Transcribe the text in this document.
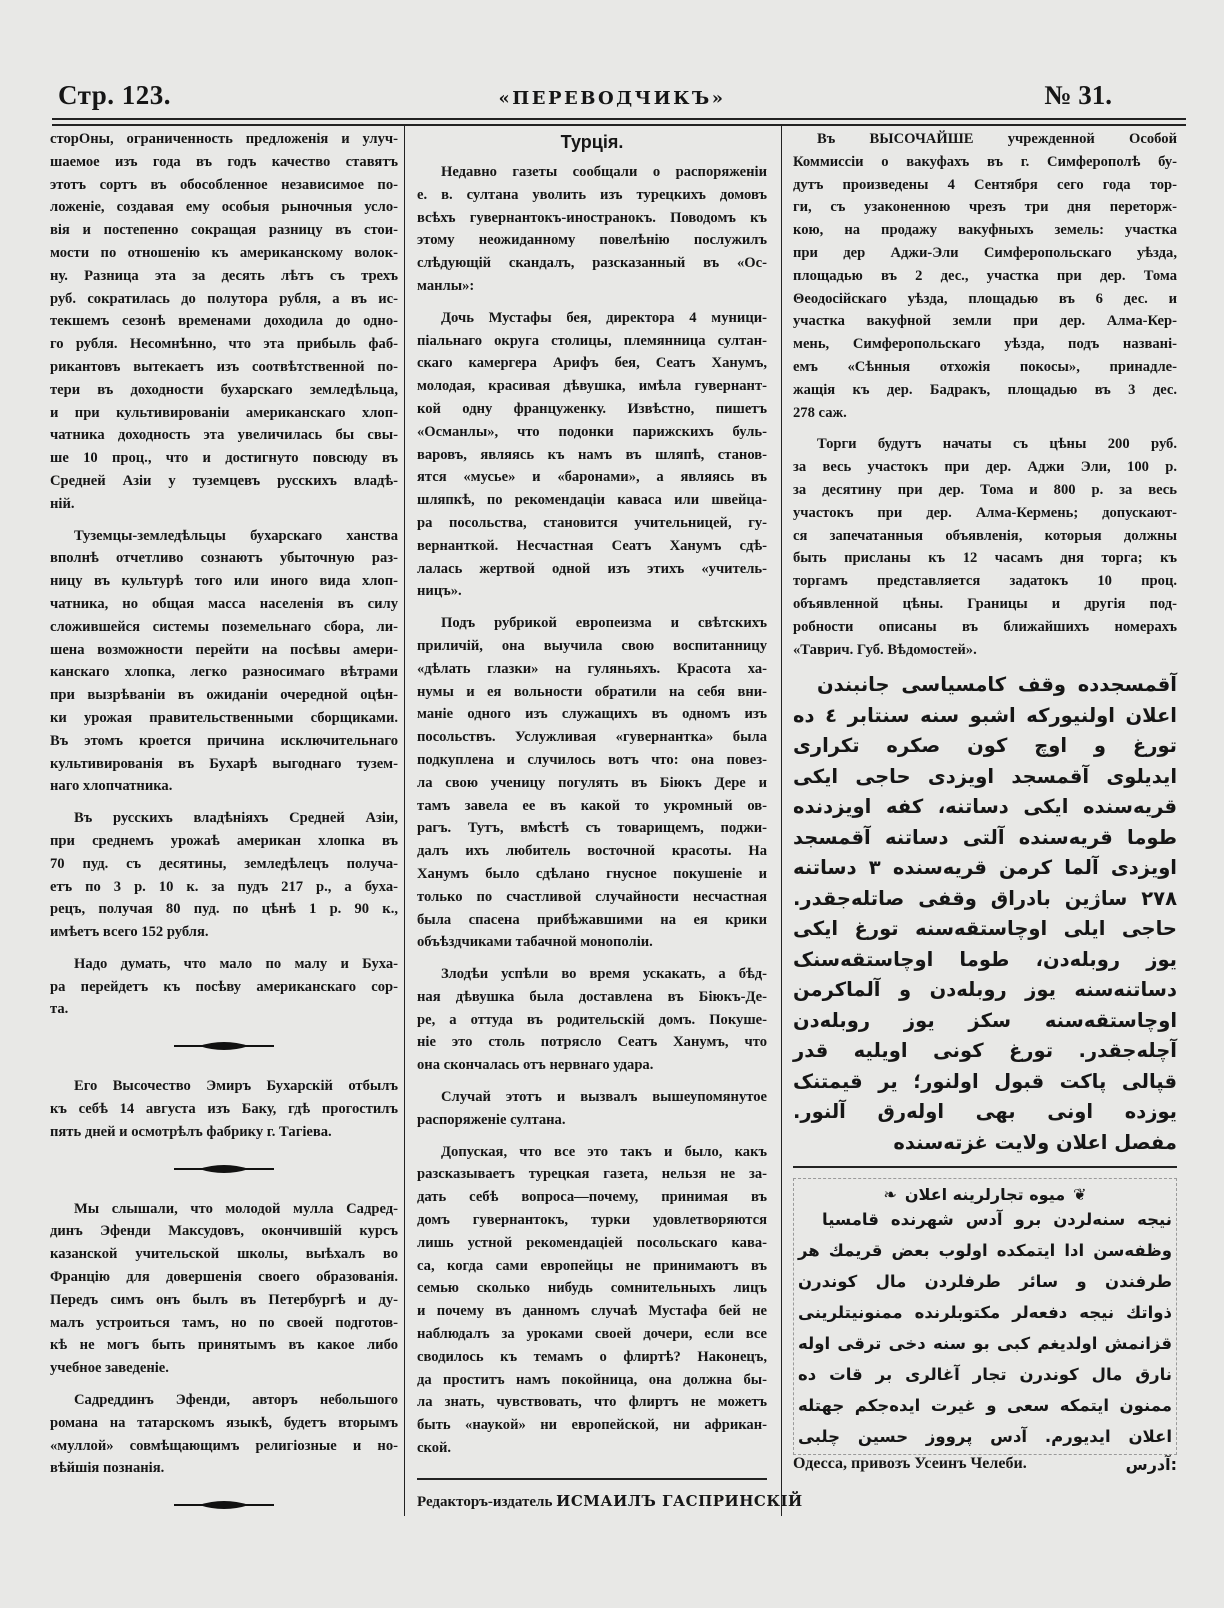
Стр. 123.	«ПЕРЕВОДЧИКЪ»	№ 31.
сторОны, ограниченность предложенія и улуч-
шаемое изъ года въ годъ качество ставятъ
этотъ сортъ въ обособленное независимое по-
ложеніе, создавая ему особыя рыночныя усло-
вія и постепенно сокращая разницу въ стои-
мости по отношенію къ американскому волок-
ну. Разница эта за десять лѣтъ съ трехъ
руб. сократилась до полутора рубля, а въ ис-
текшемъ сезонѣ временами доходила до одно-
го рубля. Несомнѣнно, что эта прибыль фаб-
рикантовъ вытекаетъ изъ соотвѣтственной по-
тери въ доходности бухарскаго земледѣльца,
и при культивированіи американскаго хлоп-
чатника доходность эта увеличилась бы свы-
ше 10 проц., что и достигнуто повсюду въ
Средней Азіи у туземцевъ русскихъ владѣ-
ній.
Туземцы-земледѣльцы бухарскаго ханства
вполнѣ отчетливо сознаютъ убыточную раз-
ницу въ культурѣ того или иного вида хлоп-
чатника, но общая масса населенія въ силу
сложившейся системы поземельнаго сбора, ли-
шена возможности перейти на посѣвы амери-
канскаго хлопка, легко разносимаго вѣтрами
при вызрѣваніи въ ожиданіи очередной оцѣн-
ки урожая правительственными сборщиками.
Въ этомъ кроется причина исключительнаго
культивированія въ Бухарѣ выгоднаго тузем-
наго хлопчатника.
Въ русскихъ владѣніяхъ Средней Азіи,
при среднемъ урожаѣ американ хлопка въ
70 пуд. съ десятины, земледѣлецъ получа-
етъ по 3 р. 10 к. за пудъ 217 р., а буха-
рецъ, получая 80 пуд. по цѣнѣ 1 р. 90 к.,
имѣетъ всего 152 рубля.
Надо думать, что мало по малу и Буха-
ра перейдетъ къ посѣву американскаго сор-
та.
Его Высочество Эмиръ Бухарскій отбылъ
къ себѣ 14 августа изъ Баку, гдѣ прогостилъ
пять дней и осмотрѣлъ фабрику г. Тагіева.
Мы слышали, что молодой мулла Садред-
динъ Эфенди Максудовъ, окончившій курсъ
казанской учительской школы, выѣхалъ во
Францію для довершенія своего образованія.
Передъ симъ онъ былъ въ Петербургѣ и ду-
малъ устроиться тамъ, но по своей подготов-
кѣ не могъ быть принятымъ въ какое либо
учебное заведеніе.
Садреддинъ Эфенди, авторъ небольшого
романа на татарскомъ языкѣ, будетъ вторымъ
«муллой» совмѣщающимъ религіозные и но-
вѣйшія познанія.
Турція.
Недавно газеты сообщали о распоряженіи
е. в. султана уволить изъ турецкихъ домовъ
всѣхъ гувернантокъ-иностранокъ. Поводомъ къ
этому неожиданному повелѣнію послужилъ
слѣдующій скандалъ, разсказанный въ «Ос-
манлы»:
Дочь Мустафы бея, директора 4 муници-
піальнаго округа столицы, племянница султан-
скаго камергера Арифъ бея, Сеатъ Ханумъ,
молодая, красивая дѣвушка, имѣла гувернант-
кой одну француженку. Извѣстно, пишетъ
«Османлы», что подонки парижскихъ буль-
варовъ, являясь къ намъ въ шляпѣ, станов-
ятся «мусье» и «баронами», а являясь въ
шляпкѣ, по рекомендаціи каваса или швейца-
ра посольства, становится учительницей, гу-
вернанткой. Несчастная Сеатъ Ханумъ сдѣ-
лалась жертвой одной изъ этихъ «учитель-
ницъ».
Подъ рубрикой европеизма и свѣтскихъ
приличій, она выучила свою воспитанницу
«дѣлать глазки» на гуляньяхъ. Красота ха-
нумы и ея вольности обратили на себя вни-
маніе одного изъ служащихъ въ одномъ изъ
посольствъ. Услужливая «гувернантка» была
подкуплена и случилось вотъ что: она повез-
ла свою ученицу погулять въ Біюкъ Дере и
тамъ завела ее въ какой то укромный ов-
рагъ. Тутъ, вмѣстѣ съ товарищемъ, поджи-
далъ ихъ любитель восточной красоты. На
Ханумъ было сдѣлано гнусное покушеніе и
только по счастливой случайности несчастная
была спасена прибѣжавшими на ея крики
объѣздчиками табачной монополіи.
Злодѣи успѣли во время ускакать, а бѣд-
ная дѣвушка была доставлена въ Біюкъ-Де-
ре, а оттуда въ родительскій домъ. Покуше-
ніе это столь потрясло Сеатъ Ханумъ, что
она скончалась отъ нервнаго удара.
Случай этотъ и вызвалъ вышеупомянутое
распоряженіе султана.
Допуская, что все это такъ и было, какъ
разсказываетъ турецкая газета, нельзя не за-
дать себѣ вопроса—почему, принимая въ
домъ гувернантокъ, турки удовлетворяются
лишь устной рекомендаціей посольскаго кава-
са, когда сами европейцы не принимаютъ въ
семью сколько нибудь сомнительныхъ лицъ
и почему въ данномъ случаѣ Мустафа бей не
наблюдалъ за уроками своей дочери, если все
сводилось къ темамъ о флиртѣ? Наконецъ,
да проститъ намъ покойница, она должна бы-
ла знать, чувствовать, что флиртъ не можетъ
быть «наукой» ни европейской, ни африкан-
ской.
Редакторъ-издатель ИСМАИЛЪ ГАСПРИНСКІЙ
Въ ВЫСОЧАЙШЕ учрежденной Особой
Коммиссіи о вакуфахъ въ г. Симферополѣ бу-
дутъ произведены 4 Сентября сего года тор-
ги, съ узаконенною чрезъ три дня переторж-
кою, на продажу вакуфныхъ земель: участка
при дер Аджи-Эли Симферопольскаго уѣзда,
площадью въ 2 дес., участка при дер. Тома
Θеодосійскаго уѣзда, площадью въ 6 дес. и
участка вакуфной земли при дер. Алма-Кер-
мень, Симферопольскаго уѣзда, подъ названі-
емъ «Сѣнныя отхожія покосы», принадле-
жащія къ дер. Бадракъ, площадью въ 3 дес.
278 саж.
Торги будутъ начаты съ цѣны 200 руб.
за весь участокъ при дер. Аджи Эли, 100 р.
за десятину при дер. Тома и 800 р. за весь
участокъ при дер. Алма-Кермень; допускают-
ся запечатанныя объявленія, которыя должны
быть присланы къ 12 часамъ дня торга; къ
торгамъ представляется задатокъ 10 проц.
объявленной цѣны. Границы и другія под-
робности описаны въ ближайшихъ номерахъ
«Таврич. Губ. Вѣдомостей».
آقمسجدده وقف کامسیاسی جانبندن
اعلان اولنیورکه اشبو سنه سنتابر ٤ ده
تورغ و اوچ کون صکره تکراری
ایدیلوی آقمسجد اویزدی حاجی ایکی
قریه‌سنده ایکی دساتنه، کفه اویزدنده
طوما قریه‌سنده آلتی دساتنه آقمسجد
اویزدی آلما کرمن قریه‌سنده ٣ دساتنه
٢٧٨ ساژین بادراق وقفی صاتله‌جقدر.
حاجی ایلی اوچاستقه‌سنه تورغ ایکی
یوز روبله‌دن، طوما اوچاستقه‌سنک
دساتنه‌سنه یوز روبله‌دن و آلماکرمن
اوچاستقه‌سنه سکز یوز روبله‌دن
آچله‌جقدر. تورغ کونی اویلیه قدر
قپالی پاکت قبول اولنور؛ یر قیمتنک
یوزده اونی بهی اوله‌رق آلنور.
مفصل اعلان ولایت غزته‌سنده
❦
میوه تجارلرینه اعلان
❧
نیجه سنه‌لردن برو آدس شهرنده قامسیا
وظفه‌سن ادا ایتمکده اولوب بعض قریمك هر
طرفندن و سائر طرفلردن مال کوندرن
ذواتك نیجه دفعه‌لر مکتوبلرنده ممنونیتلرینی
قزانمش اولدیغم کبی بو سنه دخی ترقی اوله
نارق مال کوندرن تجار آغالری بر قات ده
ممنون ایتمکه سعی و غیرت ایده‌جکم جهتله
اعلان ایدیورم. آدس پرووز حسین چلبی
Одесса, привозъ Усеинъ Челеби.	آدرس:
